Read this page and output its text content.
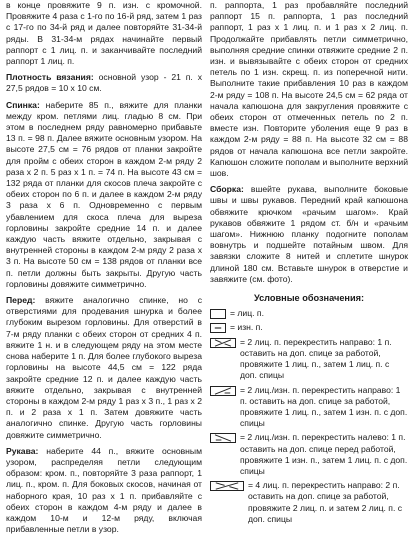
в конце провяжите 9 п. изн. с кромочной. Провяжите 4 раза с 1-го по 16-й ряд, затем 1 раз с 17-го по 34-й ряд и далее повторяйте 31-34-й ряды. В 31-34-м рядах начинайте первый раппорт с 1 лиц. п. и заканчивайте последний раппорт 1 лиц. п.

Плотность вязания: основной узор - 21 п. x 27,5 рядов = 10 x 10 см.

Спинка: наберите 85 п., вяжите для планки между кром. петлями лиц. гладью 8 см. При этом в последнем ряду равномерно прибавьте 13 п. = 98 п. Далее вяжите основным узором. На высоте 27,5 см = 76 рядов от планки закройте для пройм с обеих сторон в каждом 2-м ряду 2 раза x 2 п. 5 раз x 1 п. = 74 п. На высоте 43 см = 132 ряда от планки для скосов плеча закройте с обеих сторон по 6 п. и далее в каждом 2-м ряду 3 раза x 6 п. Одновременно с первым убавлением для скоса плеча для выреза горловины закройте средние 14 п. и далее каждую часть вяжите отдельно, закрывая с внутренней стороны в каждом 2-м ряду 2 раза x 3 п. На высоте 50 см = 138 рядов от планки все п. петли должны быть закрыты. Другую часть горловины довяжите симметрично.

Перед: вяжите аналогично спинке, но с отверстиями для продевания шнурка и более глубоким вырезом горловины. Для отверстий в 7-м ряду планки с обеих сторон от средних 4 п. вяжите 1 н. и в следующем ряду на этом месте снова наберите 1 п. Для более глубокого выреза горловины на высоте 44,5 см = 122 ряда закройте средние 12 п. и далее каждую часть вяжите отдельно, закрывая с внутренней стороны в каждом 2-м ряду 1 раз x 3 п., 1 раз x 2 п. и 2 раза x 1 п. Затем довяжите часть аналогично спинке. Другую часть горловины довяжите симметрично.

Рукава: наберите 44 п., вяжите основным узором, распределяя петли следующим образом: кром. п., повторяйте 3 раза раппорт, 1 лиц. п., кром. п. Для боковых скосов, начиная от наборного края, 10 раз x 1 п. прибавляйте с обеих сторон в каждом 4-м ряду и далее в каждом 10-м и 12-м ряду, включая прибавленные петли в узор.

п. раппорта, 1 раз пробавляйте последний раппорт 15 п. раппорта, 1 раз последний раппорт, 1 раз x 1 лиц. п. и 1 раз x 2 лиц. п. Продолжайте прибавлять петли симметрично, выполняя средние спинки отвяжите средние 2 п. изн. и вывязывайте с обеих сторон от средних петель по 1 изн. скрещ. п. из поперечной нити. Выполните такие прибавления 10 раз в каждом 2-м ряду = 108 п. На высоте 24,5 см = 62 ряда от начала капюшона для закругления провяжите с обеих сторон от отмеченных петель по 2 п. вместе изн. Повторите уболения еще 9 раз в каждом 2-м ряду = 88 п. На высоте 32 см = 88 рядов от начала капюшона все петли закройте. Капюшон сложите пополам и выполните верхний шов.

Сборка: вшейте рукава, выполните боковые швы и швы рукавов. Передний край капюшона обвяжите крючком «рачьим шагом». Край рукавов обвяжите 1 рядом ст. б/н и «рачьим шагом». Нижнюю планку подогните пополам вовнутрь и подшейте потайным швом. Для завязки сложите 8 нитей и сплетите шнурок длиной 180 см. Вставьте шнурок в отверстие и завяжите (см. фото).

Условные обозначения:
= лиц. п.
= изн. п.
= 2 лиц. п. перекрестить направо: 1 п. оставить на доп. спице за работой, провяжите 1 лиц. п., затем 1 лиц. п. с доп. спицы
= 2 лиц./изн. п. перекрестить направо: 1 п. оставить на доп. спице за работой, провяжите 1 лиц. п., затем 1 изн. п. с доп. спицы
= 2 лиц./изн. п. перекрестить налево: 1 п. оставить на доп. спице перед работой, провяжите 1 изн. п., затем 1 лиц. п. с доп. спицы
= 4 лиц. п. перекрестить направо: 2 п. оставить на доп. спице за работой, провяжите 2 лиц. п. и затем 2 лиц. п. с доп. спицы
